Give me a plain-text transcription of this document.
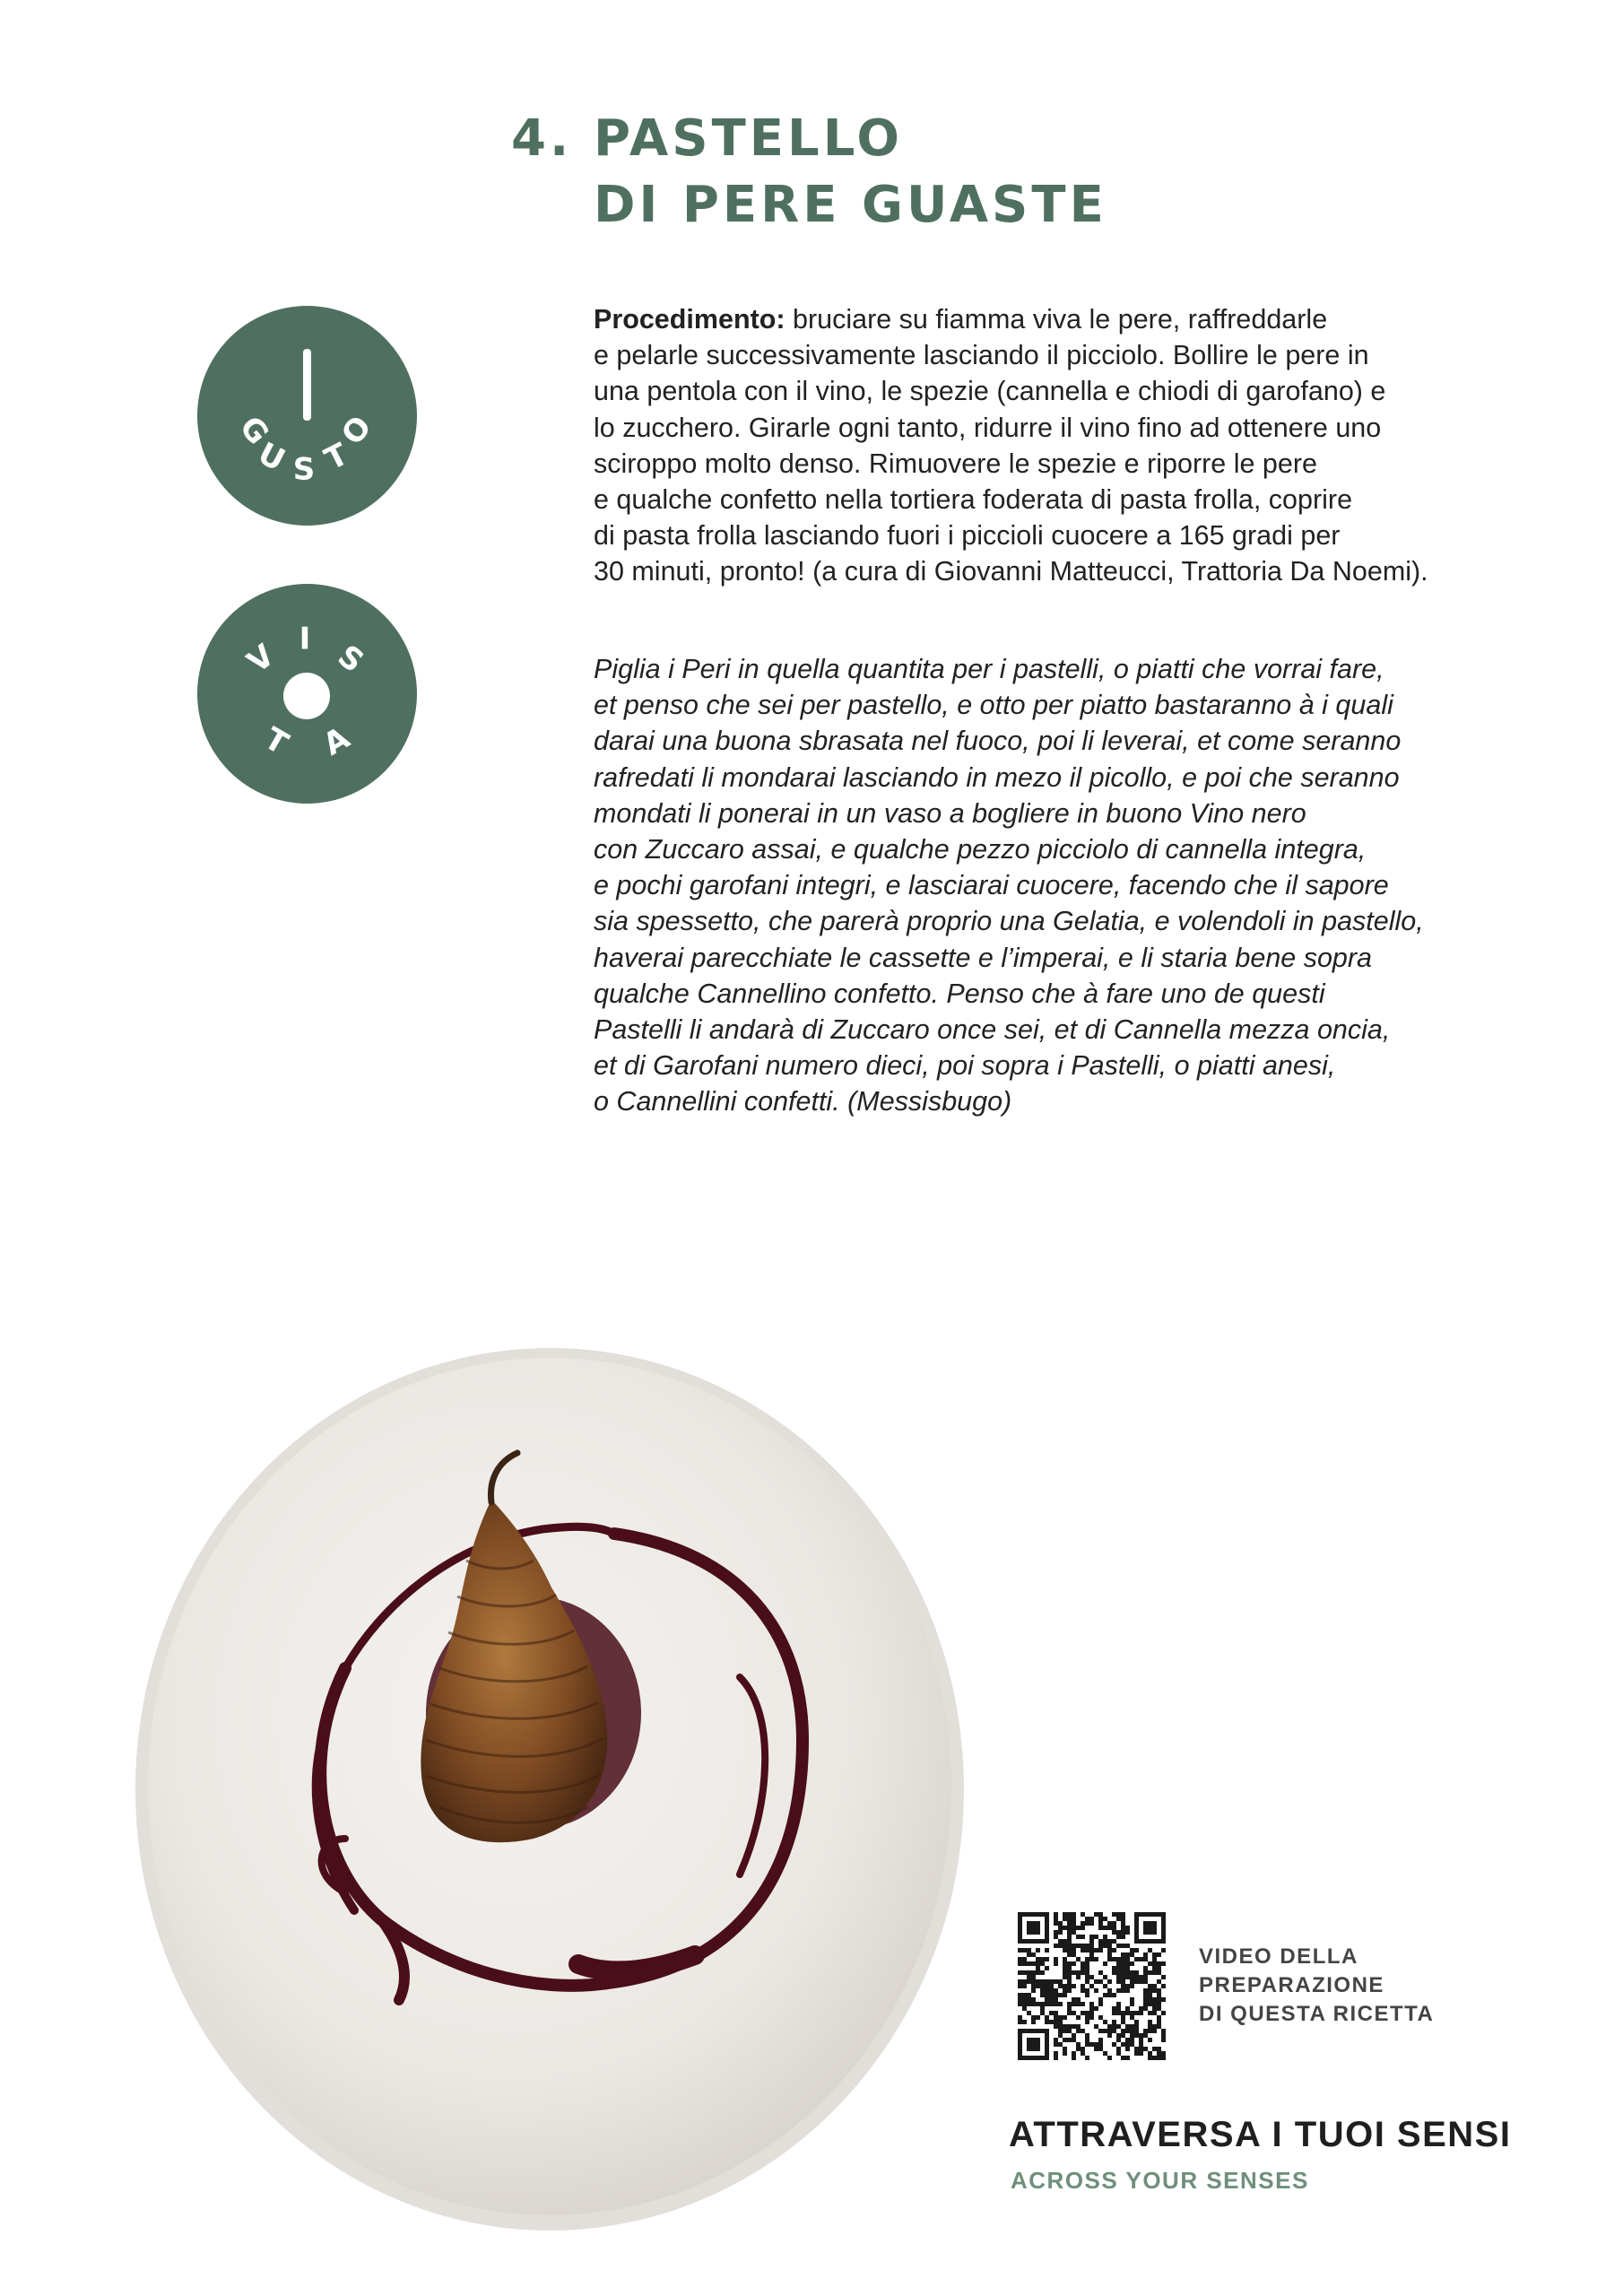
4. PASTELLO
DI PERE GUASTE
G
U S T
O
V I S
T A
Procedimento: bruciare su fiamma viva le pere, raffreddarle
e pelarle successivamente lasciando il picciolo. Bollire le pere in
una pentola con il vino, le spezie (cannella e chiodi di garofano) e
lo zucchero. Girarle ogni tanto, ridurre il vino fino ad ottenere uno
sciroppo molto denso. Rimuovere le spezie e riporre le pere
e qualche confetto nella tortiera foderata di pasta frolla, coprire
di pasta frolla lasciando fuori i piccioli cuocere a 165 gradi per
30 minuti, pronto! (a cura di Giovanni Matteucci, Trattoria Da Noemi).
Piglia i Peri in quella quantita per i pastelli, o piatti che vorrai fare,
et penso che sei per pastello, e otto per piatto bastaranno à i quali
darai una buona sbrasata nel fuoco, poi li leverai, et come seranno
rafredati li mondarai lasciando in mezo il picollo, e poi che seranno
mondati li ponerai in un vaso a bogliere in buono Vino nero
con Zuccaro assai, e qualche pezzo picciolo di cannella integra,
e pochi garofani integri, e lasciarai cuocere, facendo che il sapore
sia spessetto, che parerà proprio una Gelatia, e volendoli in pastello,
haverai parecchiate le cassette e l’imperai, e li staria bene sopra
qualche Cannellino confetto. Penso che à fare uno de questi
Pastelli li andarà di Zuccaro once sei, et di Cannella mezza oncia,
et di Garofani numero dieci, poi sopra i Pastelli, o piatti anesi,
o Cannellini confetti. (Messisbugo)
VIDEO DELLA
PREPARAZIONE
DI QUESTA RICETTA
ATTRAVERSA I TUOI SENSI
ACROSS YOUR SENSES
